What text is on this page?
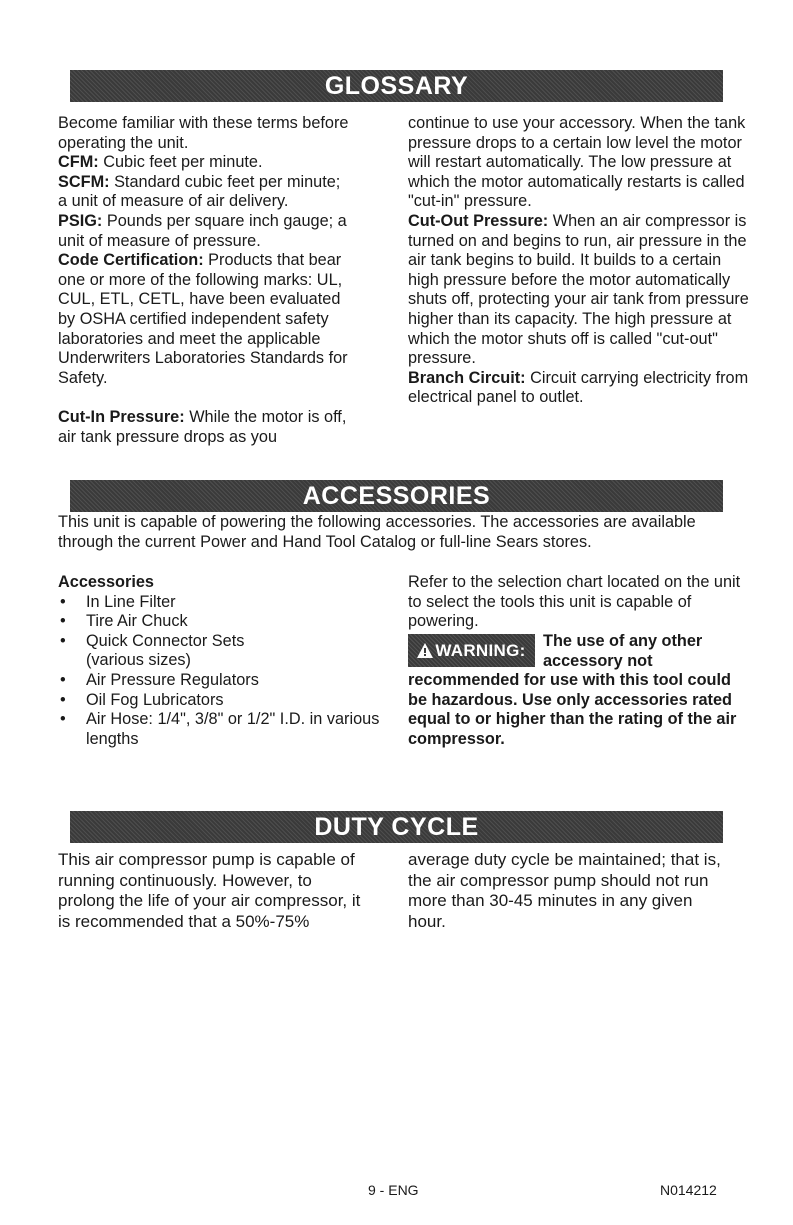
GLOSSARY

Become familiar with these terms before operating the unit.

CFM: Cubic feet per minute.

SCFM: Standard cubic feet per minute; a unit of measure of air delivery.

PSIG: Pounds per square inch gauge; a unit of measure of pressure.

Code Certification: Products that bear one or more of the following marks: UL, CUL, ETL, CETL, have been evaluated by OSHA certified independent safety laboratories and meet the applicable Underwriters Laboratories Standards for Safety.

Cut-In Pressure: While the motor is off, air tank pressure drops as you

continue to use your accessory. When the tank pressure drops to a certain low level the motor will restart automatically. The low pressure at which the motor automatically restarts is called "cut-in" pressure.

Cut-Out Pressure: When an air compressor is turned on and begins to run, air pressure in the air tank begins to build. It builds to a certain high pressure before the motor automatically shuts off, protecting your air tank from pressure higher than its capacity. The high pressure at which the motor shuts off is called "cut-out" pressure.

Branch Circuit: Circuit carrying electricity from electrical panel to outlet.

ACCESSORIES

This unit is capable of powering the following accessories. The accessories are available through the current Power and Hand Tool Catalog or full-line Sears stores.

Accessories

• In Line Filter
• Tire Air Chuck
• Quick Connector Sets (various sizes)
• Air Pressure Regulators
• Oil Fog Lubricators
• Air Hose: 1/4", 3/8" or 1/2" I.D. in various lengths

Refer to the selection chart located on the unit to select the tools this unit is capable of powering.

WARNING: The use of any other accessory not recommended for use with this tool could be hazardous. Use only accessories rated equal to or higher than the rating of the air compressor.
DUTY CYCLE

This air compressor pump is capable of running continuously. However, to prolong the life of your air compressor, it is recommended that a 50%-75%

average duty cycle be maintained; that is, the air compressor pump should not run more than 30-45 minutes in any given hour.

9 - ENG	N014212
